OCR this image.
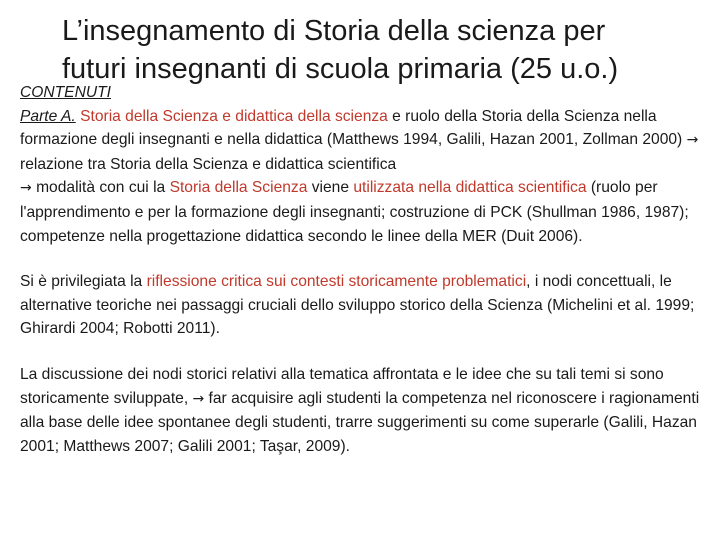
L’insegnamento di Storia della scienza per
futuri insegnanti di scuola primaria (25 u.o.)

CONTENUTI

Parte A. Storia della Scienza e didattica della scienza e ruolo della Storia della Scienza nella formazione degli insegnanti e nella didattica (Matthews 1994, Galili, Hazan 2001, Zollman 2000) → relazione tra Storia della Scienza e didattica scientifica

→ modalità con cui la Storia della Scienza viene utilizzata nella didattica scientifica (ruolo per l'apprendimento e per la formazione degli insegnanti; costruzione di PCK (Shullman 1986, 1987); competenze nella progettazione didattica secondo le linee della MER (Duit 2006).

Si è privilegiata la riflessione critica sui contesti storicamente problematici, i nodi concettuali, le alternative teoriche nei passaggi cruciali dello sviluppo storico della Scienza (Michelini et al. 1999; Ghirardi 2004; Robotti 2011).

La discussione dei nodi storici relativi alla tematica affrontata e le idee che su tali temi si sono storicamente sviluppate, → far acquisire agli studenti la competenza nel riconoscere i ragionamenti alla base delle idee spontanee degli studenti, trarre suggerimenti su come superarle (Galili, Hazan 2001; Matthews 2007; Galili 2001; Taşar, 2009).
